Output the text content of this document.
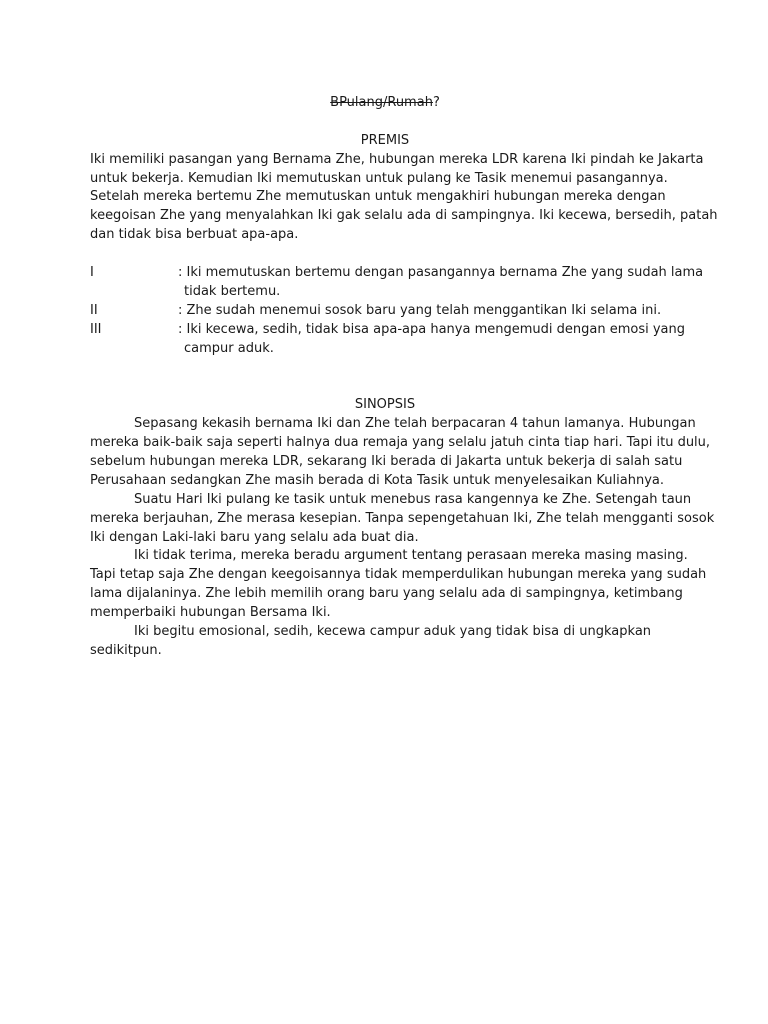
BPulang/Rumah?
PREMIS
Iki memiliki pasangan yang Bernama Zhe, hubungan mereka LDR karena Iki pindah ke Jakarta
untuk bekerja. Kemudian Iki memutuskan untuk pulang ke Tasik menemui pasangannya.
Setelah mereka bertemu Zhe memutuskan untuk mengakhiri hubungan mereka dengan
keegoisan Zhe yang menyalahkan Iki gak selalu ada di sampingnya. Iki kecewa, bersedih, patah
dan tidak bisa berbuat apa-apa.
I	: Iki memutuskan bertemu dengan pasangannya bernama Zhe yang sudah lama
tidak bertemu.
II	: Zhe sudah menemui sosok baru yang telah menggantikan Iki selama ini.
III	: Iki kecewa, sedih, tidak bisa apa-apa hanya mengemudi dengan emosi yang
campur aduk.
SINOPSIS
Sepasang kekasih bernama Iki dan Zhe telah berpacaran 4 tahun lamanya. Hubungan
mereka baik-baik saja seperti halnya dua remaja yang selalu jatuh cinta tiap hari. Tapi itu dulu,
sebelum hubungan mereka LDR, sekarang Iki berada di Jakarta untuk bekerja di salah satu
Perusahaan sedangkan Zhe masih berada di Kota Tasik untuk menyelesaikan Kuliahnya.
Suatu Hari Iki pulang ke tasik untuk menebus rasa kangennya ke Zhe. Setengah taun
mereka berjauhan, Zhe merasa kesepian. Tanpa sepengetahuan Iki, Zhe telah mengganti sosok
Iki dengan Laki-laki baru yang selalu ada buat dia.
Iki tidak terima, mereka beradu argument tentang perasaan mereka masing masing.
Tapi tetap saja Zhe dengan keegoisannya tidak memperdulikan hubungan mereka yang sudah
lama dijalaninya. Zhe lebih memilih orang baru yang selalu ada di sampingnya, ketimbang
memperbaiki hubungan Bersama Iki.
Iki begitu emosional, sedih, kecewa campur aduk yang tidak bisa di ungkapkan
sedikitpun.
